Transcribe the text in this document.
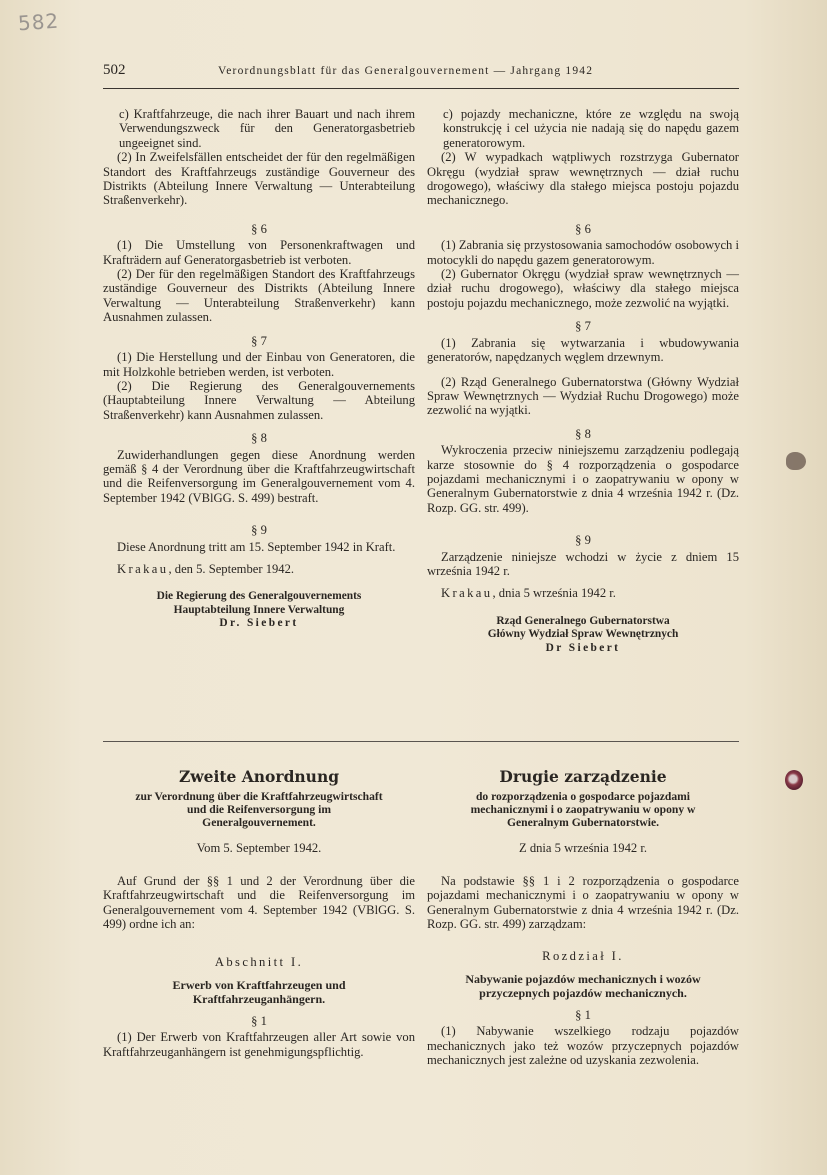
582
502	Verordnungsblatt für das Generalgouvernement — Jahrgang 1942

c) Kraftfahrzeuge, die nach ihrer Bauart und nach ihrem Verwendungszweck für den Generatorgasbetrieb ungeeignet sind.

(2) In Zweifelsfällen entscheidet der für den regelmäßigen Standort des Kraftfahrzeugs zuständige Gouverneur des Distrikts (Abteilung Innere Verwaltung — Unterabteilung Straßenverkehr).

§ 6

(1) Die Umstellung von Personenkraftwagen und Krafträdern auf Generatorgasbetrieb ist verboten.

(2) Der für den regelmäßigen Standort des Kraftfahrzeugs zuständige Gouverneur des Distrikts (Abteilung Innere Verwaltung — Unterabteilung Straßenverkehr) kann Ausnahmen zulassen.

§ 7

(1) Die Herstellung und der Einbau von Generatoren, die mit Holzkohle betrieben werden, ist verboten.

(2) Die Regierung des Generalgouvernements (Hauptabteilung Innere Verwaltung — Abteilung Straßenverkehr) kann Ausnahmen zulassen.

§ 8

Zuwiderhandlungen gegen diese Anordnung werden gemäß § 4 der Verordnung über die Kraftfahrzeugwirtschaft und die Reifenversorgung im Generalgouvernement vom 4. September 1942 (VBlGG. S. 499) bestraft.

§ 9

Diese Anordnung tritt am 15. September 1942 in Kraft.

Krakau, den 5. September 1942.

Die Regierung des Generalgouvernements

Hauptabteilung Innere Verwaltung

Dr. Siebert

c) pojazdy mechaniczne, które ze względu na swoją konstrukcję i cel użycia nie nadają się do napędu gazem generatorowym.

(2) W wypadkach wątpliwych rozstrzyga Gubernator Okręgu (wydział spraw wewnętrznych — dział ruchu drogowego), właściwy dla stałego miejsca postoju pojazdu mechanicznego.

§ 6

(1) Zabrania się przystosowania samochodów osobowych i motocykli do napędu gazem generatorowym.

(2) Gubernator Okręgu (wydział spraw wewnętrznych — dział ruchu drogowego), właściwy dla stałego miejsca postoju pojazdu mechanicznego, może zezwolić na wyjątki.

§ 7

(1) Zabrania się wytwarzania i wbudowywania generatorów, napędzanych węglem drzewnym.

(2) Rząd Generalnego Gubernatorstwa (Główny Wydział Spraw Wewnętrznych — Wydział Ruchu Drogowego) może zezwolić na wyjątki.

§ 8

Wykroczenia przeciw niniejszemu zarządzeniu podlegają karze stosownie do § 4 rozporządzenia o gospodarce pojazdami mechanicznymi i o zaopatrywaniu w opony w Generalnym Gubernatorstwie z dnia 4 września 1942 r. (Dz. Rozp. GG. str. 499).

§ 9

Zarządzenie niniejsze wchodzi w życie z dniem 15 września 1942 r.

Krakau, dnia 5 września 1942 r.

Rząd Generalnego Gubernatorstwa

Główny Wydział Spraw Wewnętrznych

Dr Siebert

Zweite Anordnung

zur Verordnung über die Kraftfahrzeugwirtschaft und die Reifenversorgung im Generalgouvernement.

Vom 5. September 1942.

Auf Grund der §§ 1 und 2 der Verordnung über die Kraftfahrzeugwirtschaft und die Reifenversorgung im Generalgouvernement vom 4. September 1942 (VBlGG. S. 499) ordne ich an:

Abschnitt I.

Erwerb von Kraftfahrzeugen und Kraftfahrzeuganhängern.

§ 1

(1) Der Erwerb von Kraftfahrzeugen aller Art sowie von Kraftfahrzeuganhängern ist genehmigungspflichtig.

Drugie zarządzenie

do rozporządzenia o gospodarce pojazdami mechanicznymi i o zaopatrywaniu w opony w Generalnym Gubernatorstwie.

Z dnia 5 września 1942 r.

Na podstawie §§ 1 i 2 rozporządzenia o gospodarce pojazdami mechanicznymi i o zaopatrywaniu w opony w Generalnym Gubernatorstwie z dnia 4 września 1942 r. (Dz. Rozp. GG. str. 499) zarządzam:

Rozdział I.

Nabywanie pojazdów mechanicznych i wozów przyczepnych pojazdów mechanicznych.

§ 1

(1) Nabywanie wszelkiego rodzaju pojazdów mechanicznych jako też wozów przyczepnych pojazdów mechanicznych jest zależne od uzyskania zezwolenia.
